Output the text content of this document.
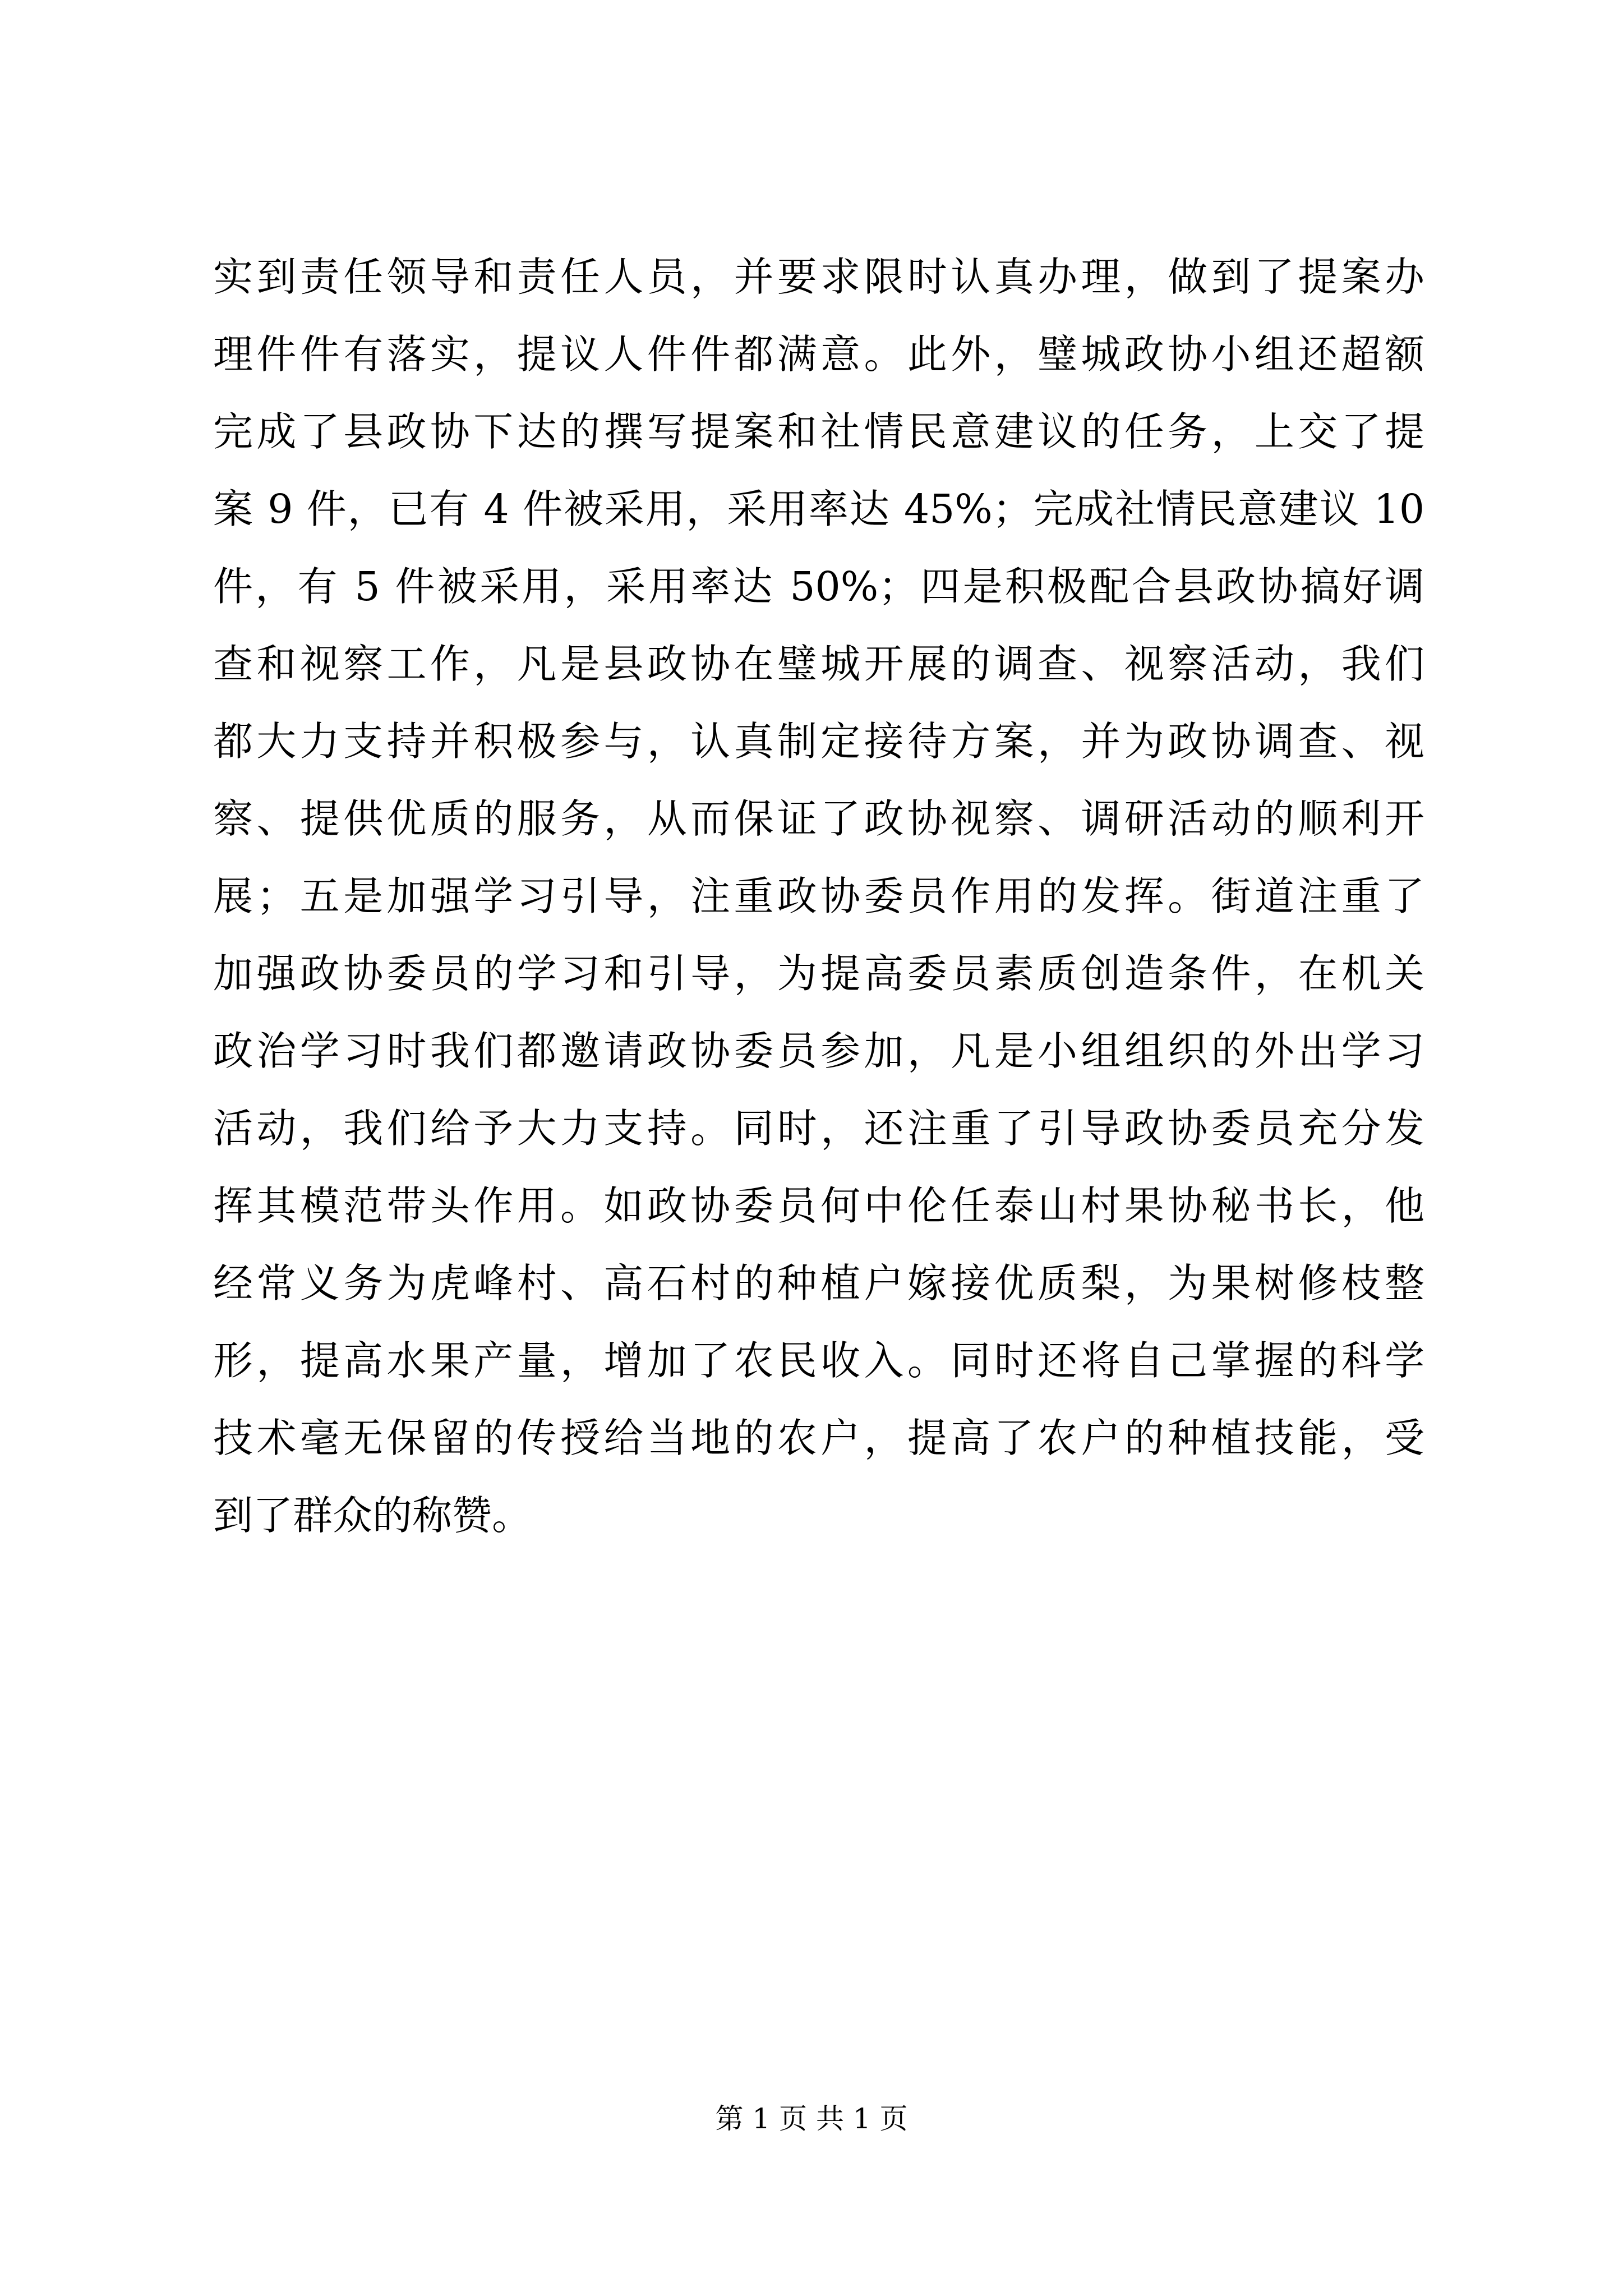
实到责任领导和责任人员，并要求限时认真办理，做到了提案办
理件件有落实，提议人件件都满意。此外，璧城政协小组还超额
完成了县政协下达的撰写提案和社情民意建议的任务，上交了提
案 9 件，已有 4 件被采用，采用率达 45%；完成社情民意建议 10
件，有 5 件被采用，采用率达 50%；四是积极配合县政协搞好调
查和视察工作，凡是县政协在璧城开展的调查、视察活动，我们
都大力支持并积极参与，认真制定接待方案，并为政协调查、视
察、提供优质的服务，从而保证了政协视察、调研活动的顺利开
展；五是加强学习引导，注重政协委员作用的发挥。街道注重了
加强政协委员的学习和引导，为提高委员素质创造条件，在机关
政治学习时我们都邀请政协委员参加，凡是小组组织的外出学习
活动，我们给予大力支持。同时，还注重了引导政协委员充分发
挥其模范带头作用。如政协委员何中伦任泰山村果协秘书长，他
经常义务为虎峰村、高石村的种植户嫁接优质梨，为果树修枝整
形，提高水果产量，增加了农民收入。同时还将自己掌握的科学
技术毫无保留的传授给当地的农户，提高了农户的种植技能，受
到了群众的称赞。
第 1 页 共 1 页
